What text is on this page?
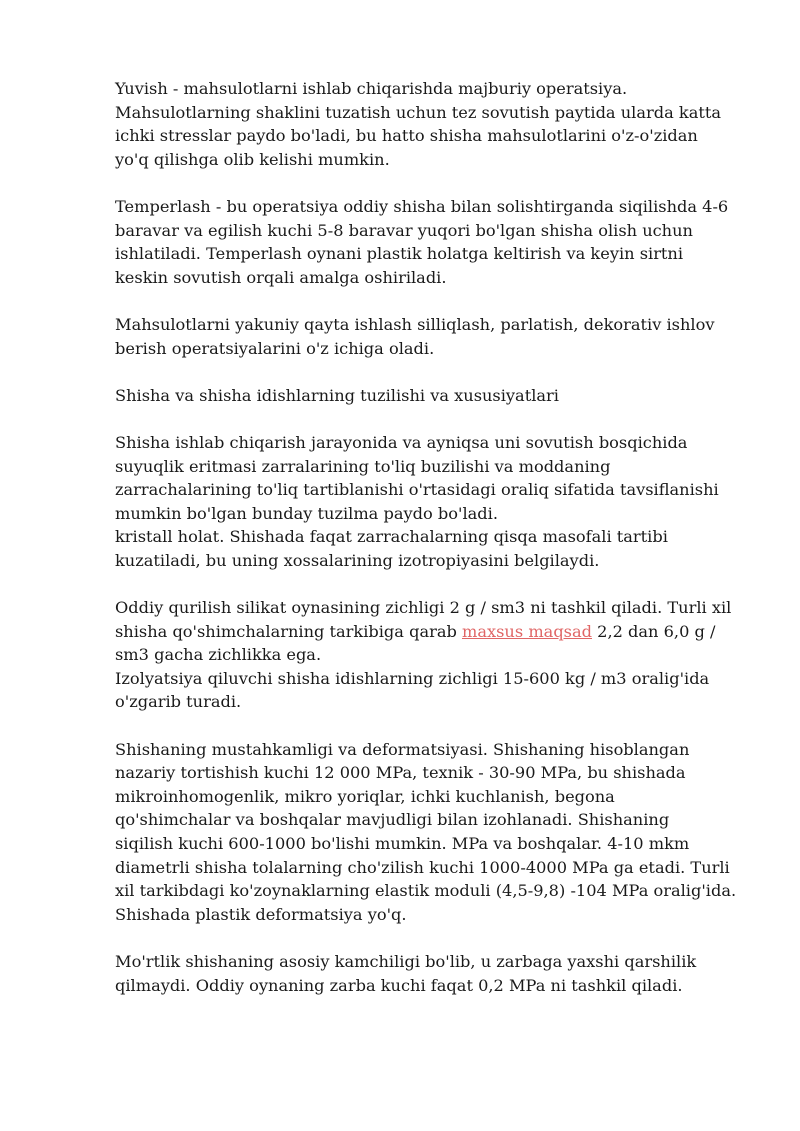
Yuvish - mahsulotlarni ishlab chiqarishda majburiy operatsiya.
Mahsulotlarning shaklini tuzatish uchun tez sovutish paytida ularda katta
ichki stresslar paydo bo'ladi, bu hatto shisha mahsulotlarini o'z-o'zidan
yo'q qilishga olib kelishi mumkin.

Temperlash - bu operatsiya oddiy shisha bilan solishtirganda siqilishda 4-6
baravar va egilish kuchi 5-8 baravar yuqori bo'lgan shisha olish uchun
ishlatiladi. Temperlash oynani plastik holatga keltirish va keyin sirtni
keskin sovutish orqali amalga oshiriladi.

Mahsulotlarni yakuniy qayta ishlash silliqlash, parlatish, dekorativ ishlov
berish operatsiyalarini o'z ichiga oladi.

Shisha va shisha idishlarning tuzilishi va xususiyatlari

Shisha ishlab chiqarish jarayonida va ayniqsa uni sovutish bosqichida
suyuqlik eritmasi zarralarining to'liq buzilishi va moddaning
zarrachalarining to'liq tartiblanishi o'rtasidagi oraliq sifatida tavsiflanishi
mumkin bo'lgan bunday tuzilma paydo bo'ladi.
kristall holat. Shishada faqat zarrachalarning qisqa masofali tartibi
kuzatiladi, bu uning xossalarining izotropiyasini belgilaydi.

Oddiy qurilish silikat oynasining zichligi 2 g / sm3 ni tashkil qiladi. Turli xil
shisha qo'shimchalarning tarkibiga qarab maxsus maqsad 2,2 dan 6,0 g /
sm3 gacha zichlikka ega.
Izolyatsiya qiluvchi shisha idishlarning zichligi 15-600 kg / m3 oralig'ida
o'zgarib turadi.

Shishaning mustahkamligi va deformatsiyasi. Shishaning hisoblangan
nazariy tortishish kuchi 12 000 MPa, texnik - 30-90 MPa, bu shishada
mikroinhomogenlik, mikro yoriqlar, ichki kuchlanish, begona
qo'shimchalar va boshqalar mavjudligi bilan izohlanadi. Shishaning
siqilish kuchi 600-1000 bo'lishi mumkin. MPa va boshqalar. 4-10 mkm
diametrli shisha tolalarning cho'zilish kuchi 1000-4000 MPa ga etadi. Turli
xil tarkibdagi ko'zoynaklarning elastik moduli (4,5-9,8) -104 MPa oralig'ida.
Shishada plastik deformatsiya yo'q.

Mo'rtlik shishaning asosiy kamchiligi bo'lib, u zarbaga yaxshi qarshilik
qilmaydi. Oddiy oynaning zarba kuchi faqat 0,2 MPa ni tashkil qiladi.
